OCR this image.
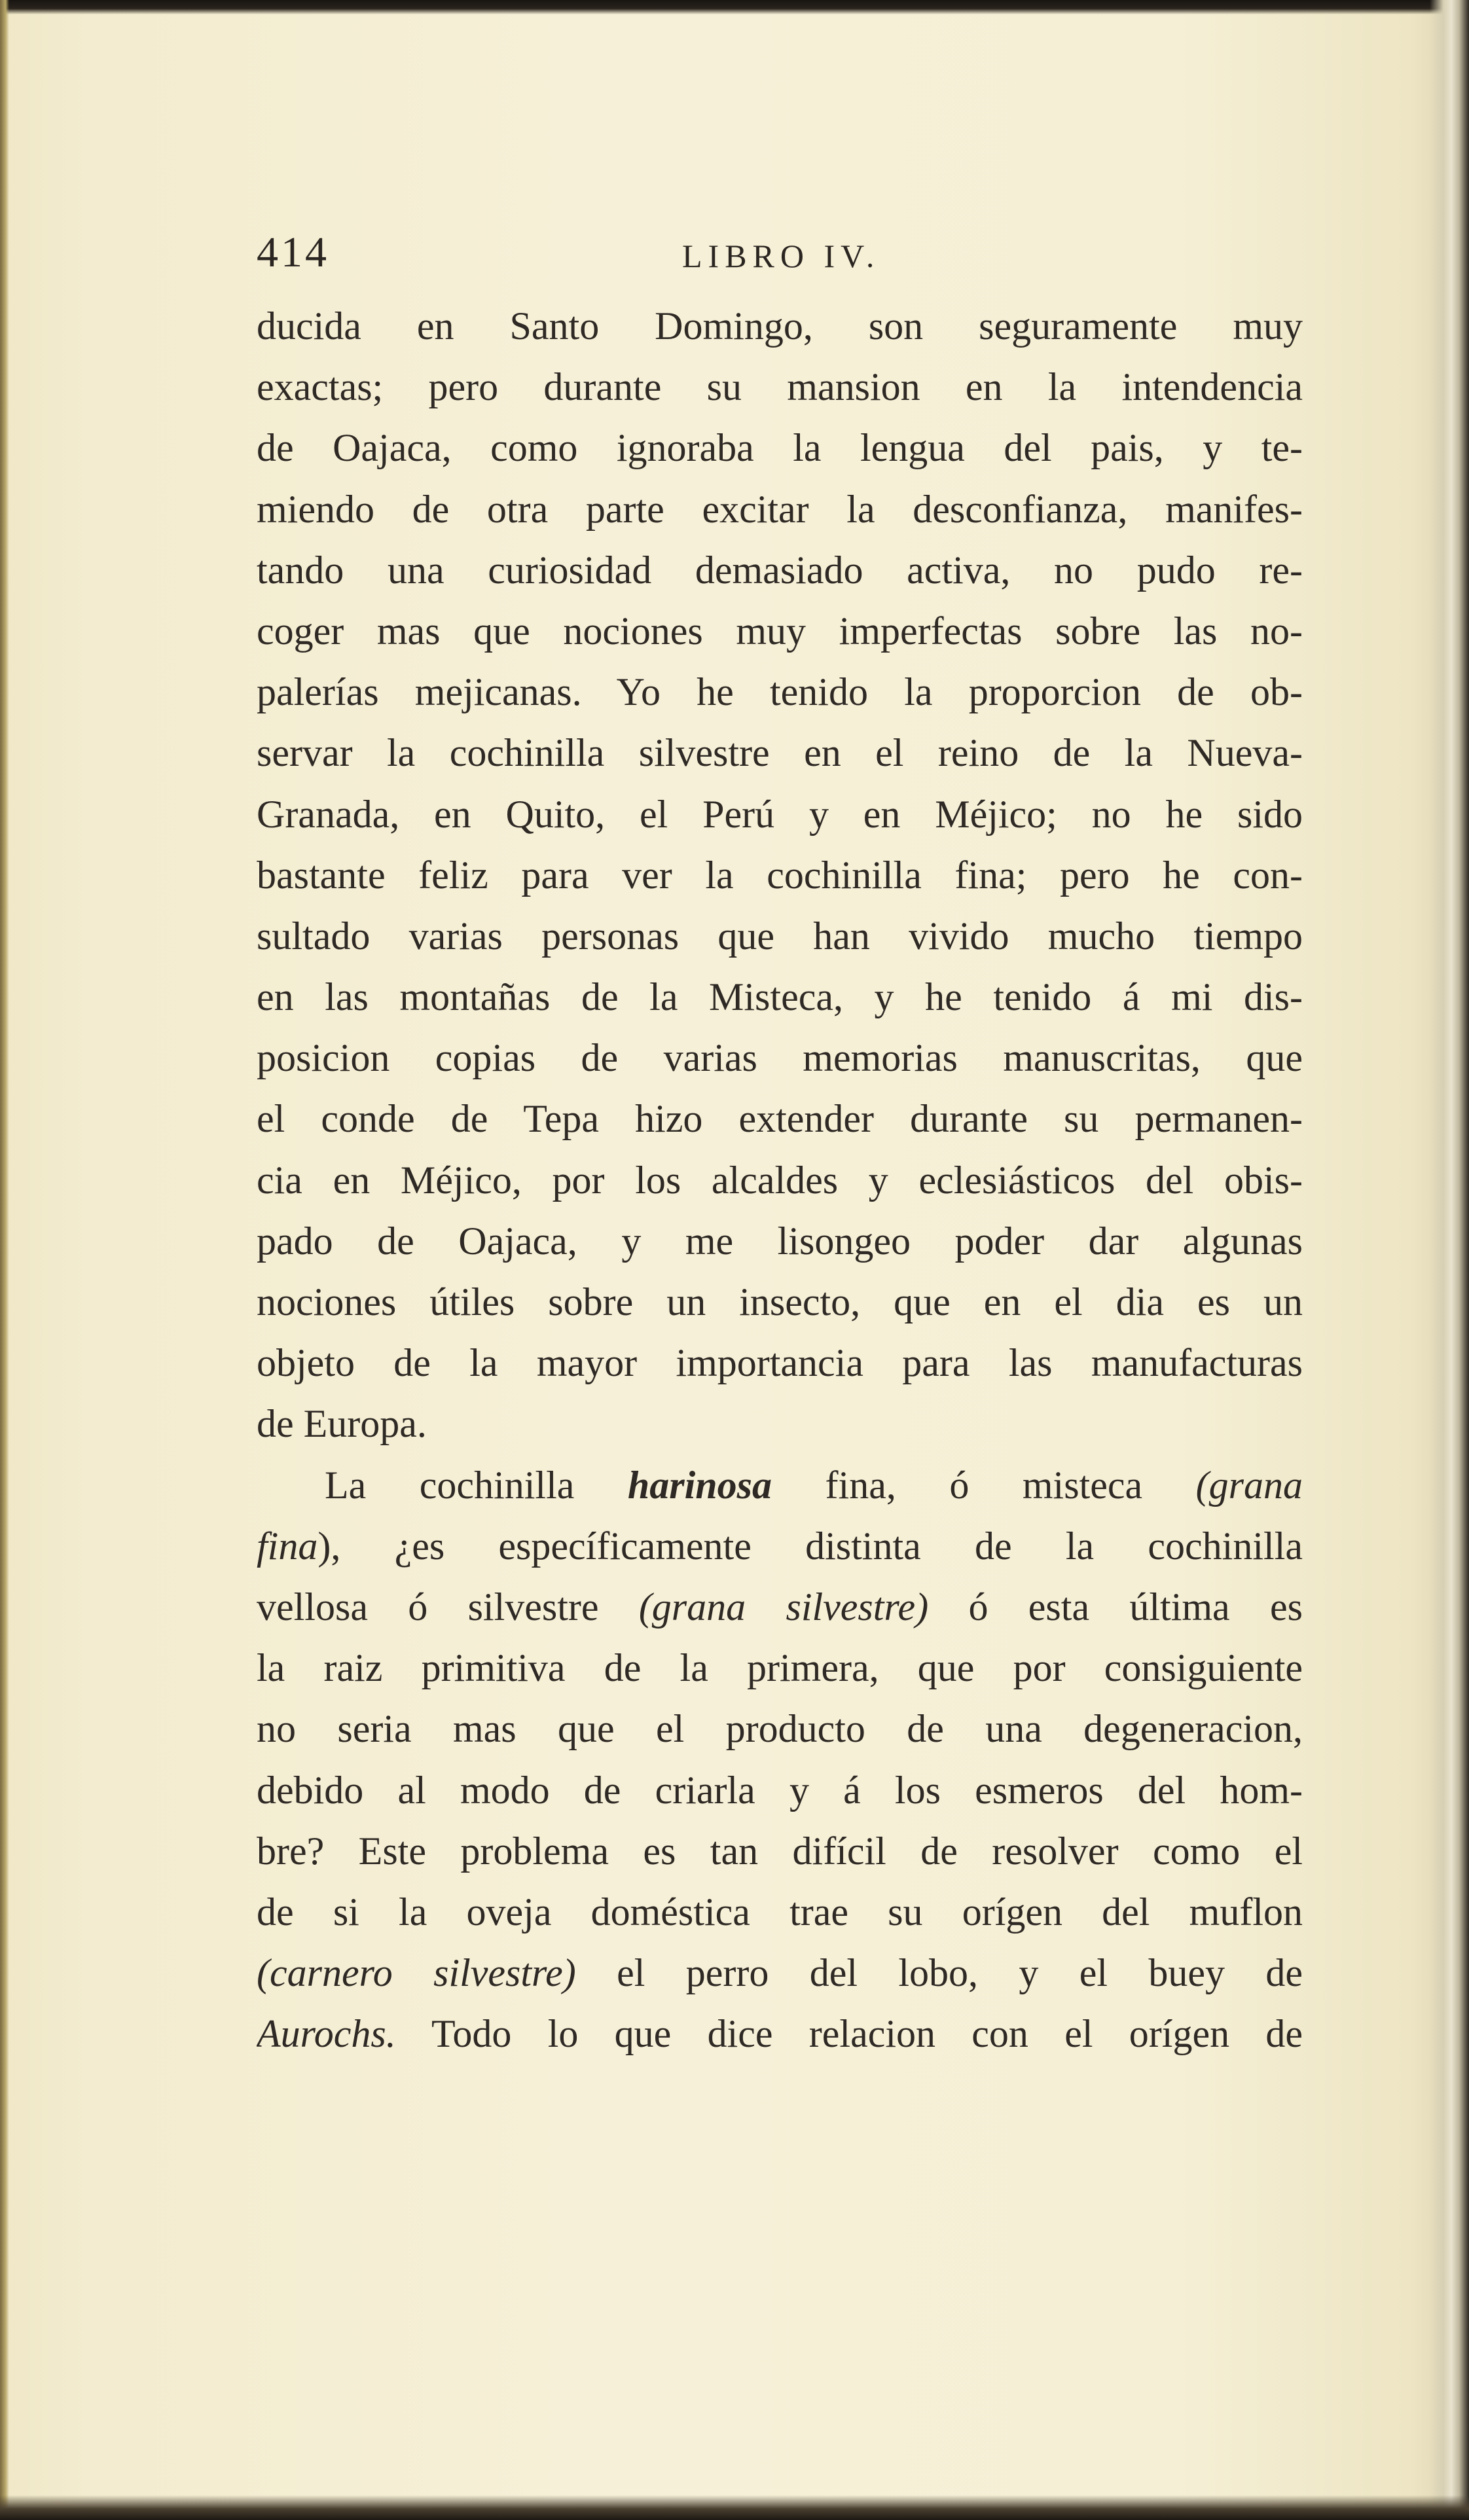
414	LIBRO IV.
ducida en Santo Domingo, son seguramente muy
exactas; pero durante su mansion en la intendencia
de Oajaca, como ignoraba la lengua del pais, y te-
miendo de otra parte excitar la desconfianza, manifes-
tando una curiosidad demasiado activa, no pudo re-
coger mas que nociones muy imperfectas sobre las no-
palerías mejicanas. Yo he tenido la proporcion de ob-
servar la cochinilla silvestre en el reino de la Nueva-
Granada, en Quito, el Perú y en Méjico; no he sido
bastante feliz para ver la cochinilla fina; pero he con-
sultado varias personas que han vivido mucho tiempo
en las montañas de la Misteca, y he tenido á mi dis-
posicion copias de varias memorias manuscritas, que
el conde de Tepa hizo extender durante su permanen-
cia en Méjico, por los alcaldes y eclesiásticos del obis-
pado de Oajaca, y me lisongeo poder dar algunas
nociones útiles sobre un insecto, que en el dia es un
objeto de la mayor importancia para las manufacturas
de Europa.
La cochinilla harinosa fina, ó misteca (grana
fina), ¿es específicamente distinta de la cochinilla
vellosa ó silvestre (grana silvestre) ó esta última es
la raiz primitiva de la primera, que por consiguiente
no seria mas que el producto de una degeneracion,
debido al modo de criarla y á los esmeros del hom-
bre? Este problema es tan difícil de resolver como el
de si la oveja doméstica trae su orígen del muflon
(carnero silvestre) el perro del lobo, y el buey de
Aurochs. Todo lo que dice relacion con el orígen de
